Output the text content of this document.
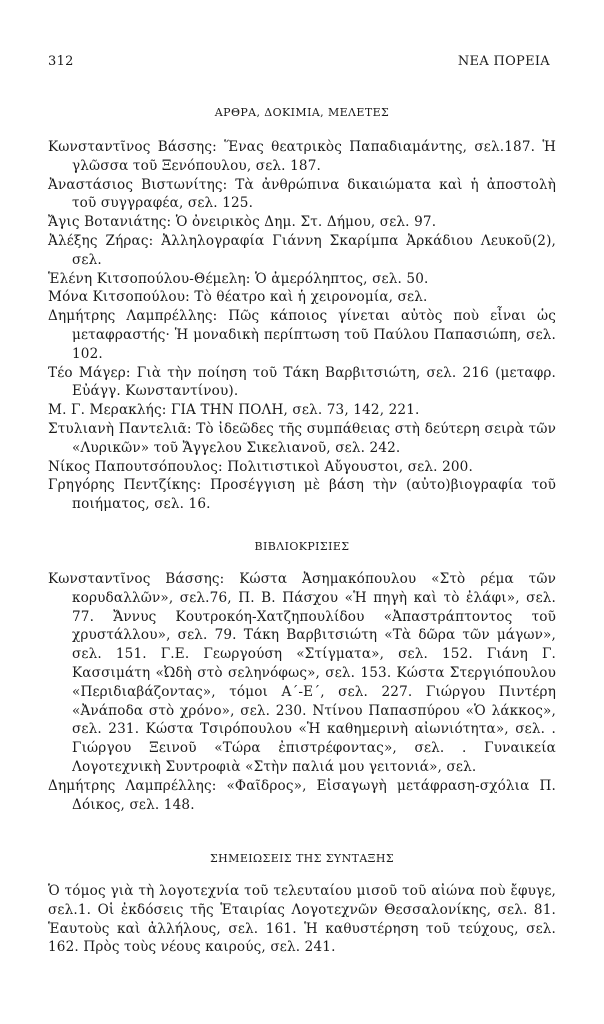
312	ΝΕΑ ΠΟΡΕΙΑ
ΑΡΘΡΑ, ΔΟΚΙΜΙΑ, ΜΕΛΕΤΕΣ
Κωνσταντῖνος Βάσσης: Ἕνας θεατρικὸς Παπαδιαμάντης, σελ.187. Ἡ γλῶσσα τοῦ Ξενόπουλου, σελ. 187.
Ἀναστάσιος Βιστωνίτης: Τὰ ἀνθρώπινα δικαιώματα καὶ ἡ ἀποστολὴ τοῦ συγγραφέα, σελ. 125.
Ἄγις Βοτανιάτης: Ὁ ὀνειρικὸς Δημ. Στ. Δήμου, σελ. 97.
Ἀλέξης Ζήρας: Ἀλληλογραφία Γιάννη Σκαρίμπα Ἀρκάδιου Λευκοῦ(2), σελ.
Ἑλένη Κιτσοπούλου-Θέμελη: Ὁ ἀμερόληπτος, σελ. 50.
Μόνα Κιτσοπούλου: Τὸ θέατρο καὶ ἡ χειρονομία, σελ.
Δημήτρης Λαμπρέλλης: Πῶς κάποιος γίνεται αὐτὸς ποὺ εἶναι ὡς μεταφραστής· Ἡ μοναδικὴ περίπτωση τοῦ Παύλου Παπασιώπη, σελ. 102.
Τέο Μάγερ: Γιὰ τὴν ποίηση τοῦ Τάκη Βαρβιτσιώτη, σελ. 216 (μεταφρ. Εὐάγγ. Κωνσταντίνου).
Μ. Γ. Μερακλής: ΓΙΑ ΤΗΝ ΠΟΛΗ, σελ. 73, 142, 221.
Στυλιανὴ Παντελιᾶ: Τὸ ἰδεῶδες τῆς συμπάθειας στὴ δεύτερη σειρὰ τῶν «Λυρικῶν» τοῦ Ἄγγελου Σικελιανοῦ, σελ. 242.
Νίκος Παπουτσόπουλος: Πολιτιστικοὶ Αὔγουστοι, σελ. 200.
Γρηγόρης Πεντζίκης: Προσέγγιση μὲ βάση τὴν (αὐτο)βιογραφία τοῦ ποιήματος, σελ. 16.
ΒΙΒΛΙΟΚΡΙΣΙΕΣ
Κωνσταντῖνος Βάσσης: Κώστα Ἀσημακόπουλου «Στὸ ρέμα τῶν κορυδαλλῶν», σελ.76, Π. Β. Πάσχου «Ἡ πηγὴ καὶ τὸ ἐλάφι», σελ. 77. Ἄννυς Κουτροκόη-Χατζηπουλίδου «Ἀπαστράπτοντος τοῦ χρυστάλλου», σελ. 79. Τάκη Βαρβιτσιώτη «Τὰ δῶρα τῶν μάγων», σελ. 151. Γ.Ε. Γεωργούση «Στίγματα», σελ. 152. Γιάνη Γ. Κασσιμάτη «Ὠδὴ στὸ σεληνόφως», σελ. 153. Κώστα Στεργιόπουλου «Περιδιαβάζοντας», τόμοι Α΄-Ε΄, σελ. 227. Γιώργου Πιντέρη «Ἀνάποδα στὸ χρόνο», σελ. 230. Ντίνου Παπασπύρου «Ὁ λάκκος», σελ. 231. Κώστα Τσιρόπουλου «Ἡ καθημερινὴ αἰωνιότητα», σελ. . Γιώργου Ξεινοῦ «Τώρα ἐπιστρέφοντας», σελ. . Γυναικεία Λογοτεχνικὴ Συντροφιὰ «Στὴν παλιά μου γειτονιά», σελ.
Δημήτρης Λαμπρέλλης: «Φαῖδρος», Εἰσαγωγὴ μετάφραση-σχόλια Π. Δόικος, σελ. 148.
ΣΗΜΕΙΩΣΕΙΣ ΤΗΣ ΣΥΝΤΑΞΗΣ

Ὁ τόμος γιὰ τὴ λογοτεχνία τοῦ τελευταίου μισοῦ τοῦ αἰώνα ποὺ ἔφυγε, σελ.1. Οἱ ἐκδόσεις τῆς Ἑταιρίας Λογοτεχνῶν Θεσσαλονίκης, σελ. 81. Ἑαυτοὺς καὶ ἀλλήλους, σελ. 161. Ἡ καθυστέρηση τοῦ τεύχους, σελ. 162. Πρὸς τοὺς νέους καιρούς, σελ. 241.
